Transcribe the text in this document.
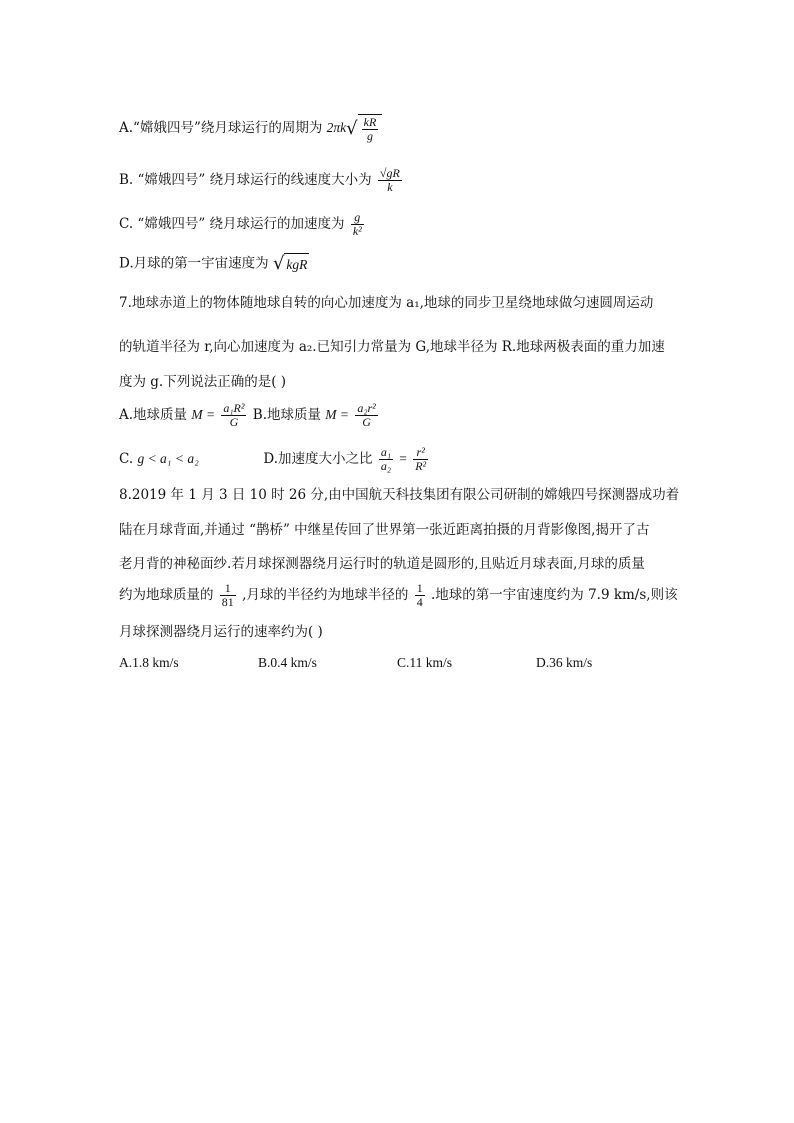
A.“嫦娥四号”绕月球运行的周期为 $2\pi k√ \frac{kR}{g}$
B. “嫦娥四号” 绕月球运行的线速度大小为 $\frac{√gR}{k}$
C. “嫦娥四号” 绕月球运行的加速度为 $\frac{g}{\text{k²}}$
D.月球的第一宇宙速度为 √ kgR
7.地球赤道上的物体随地球自转的向心加速度为 a₁,地球的同步卫星绕地球做匀速圆周运动
的轨道半径为 r,向心加速度为 a₂.已知引力常量为 G,地球半径为 R.地球两极表面的重力加速
度为 g.下列说法正确的是( )
A.地球质量 $M = \frac{\text{a₁R²}}{G} B$.地球质量 $M = \frac{\text{a₂r²}}{G}$
C. g < a₁ < a₂	D.加速度大小之比 $\frac{\text{a₁}}{\text{a₂}} = \frac{\text{r²}}{\text{R²}}$
8.2019 年 1 月 3 日 10 时 26 分,由中国航天科技集团有限公司研制的嫦娥四号探测器成功着
陆在月球背面,并通过 “鹊桥” 中继星传回了世界第一张近距离拍摄的月背影像图,揭开了古
老月背的神秘面纱.若月球探测器绕月运行时的轨道是圆形的,且贴近月球表面,月球的质量
约为地球质量的 $\frac{1}{81}$ ,月球的半径约为地球半径的 $\frac{1}{4}$ .地球的第一宇宙速度约为 7.9 km/s,则该
月球探测器绕月运行的速率约为( )
A.1.8 km/s	B.0.4 km/s	C.11 km/s	D.36 km/s
